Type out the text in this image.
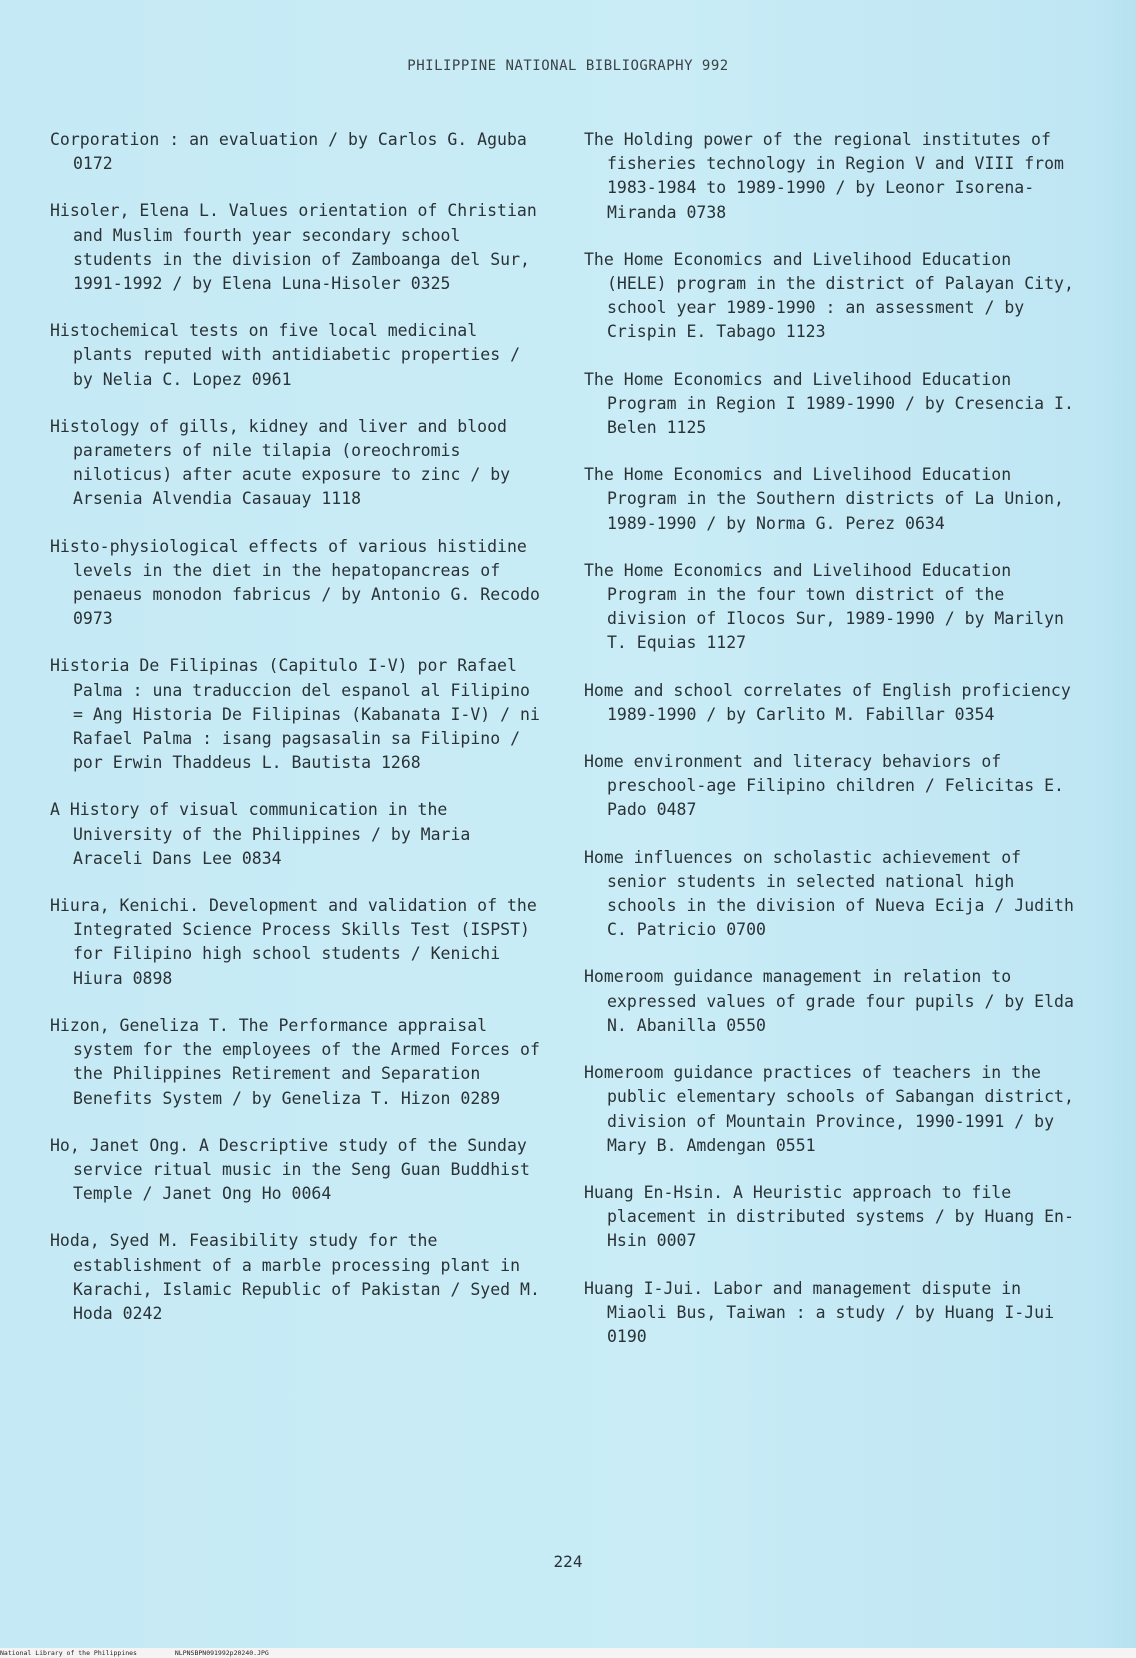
PHILIPPINE NATIONAL BIBLIOGRAPHY 992

Corporation : an evaluation / by Carlos G. Aguba 0172

Hisoler, Elena L. Values orientation of Christian and Muslim fourth year secondary school students in the division of Zamboanga del Sur, 1991-1992 / by Elena Luna-Hisoler 0325

Histochemical tests on five local medicinal plants reputed with antidiabetic properties / by Nelia C. Lopez 0961

Histology of gills, kidney and liver and blood parameters of nile tilapia (oreochromis niloticus) after acute exposure to zinc / by Arsenia Alvendia Casauay 1118

Histo-physiological effects of various histidine levels in the diet in the hepatopancreas of penaeus monodon fabricus / by Antonio G. Recodo 0973

Historia De Filipinas (Capitulo I-V) por Rafael Palma : una traduccion del espanol al Filipino = Ang Historia De Filipinas (Kabanata I-V) / ni Rafael Palma : isang pagsasalin sa Filipino / por Erwin Thaddeus L. Bautista 1268

A History of visual communication in the University of the Philippines / by Maria Araceli Dans Lee 0834

Hiura, Kenichi. Development and validation of the Integrated Science Process Skills Test (ISPST) for Filipino high school students / Kenichi Hiura 0898

Hizon, Geneliza T. The Performance appraisal system for the employees of the Armed Forces of the Philippines Retirement and Separation Benefits System / by Geneliza T. Hizon 0289

Ho, Janet Ong. A Descriptive study of the Sunday service ritual music in the Seng Guan Buddhist Temple / Janet Ong Ho 0064

Hoda, Syed M. Feasibility study for the establishment of a marble processing plant in Karachi, Islamic Republic of Pakistan / Syed M. Hoda 0242

The Holding power of the regional institutes of fisheries technology in Region V and VIII from 1983-1984 to 1989-1990 / by Leonor Isorena-Miranda 0738

The Home Economics and Livelihood Education (HELE) program in the district of Palayan City, school year 1989-1990 : an assessment / by Crispin E. Tabago 1123

The Home Economics and Livelihood Education Program in Region I 1989-1990 / by Cresencia I. Belen 1125

The Home Economics and Livelihood Education Program in the Southern districts of La Union, 1989-1990 / by Norma G. Perez 0634

The Home Economics and Livelihood Education Program in the four town district of the division of Ilocos Sur, 1989-1990 / by Marilyn T. Equias 1127

Home and school correlates of English proficiency 1989-1990 / by Carlito M. Fabillar 0354

Home environment and literacy behaviors of preschool-age Filipino children / Felicitas E. Pado 0487

Home influences on scholastic achievement of senior students in selected national high schools in the division of Nueva Ecija / Judith C. Patricio 0700

Homeroom guidance management in relation to expressed values of grade four pupils / by Elda N. Abanilla 0550

Homeroom guidance practices of teachers in the public elementary schools of Sabangan district, division of Mountain Province, 1990-1991 / by Mary B. Amdengan 0551

Huang En-Hsin. A Heuristic approach to file placement in distributed systems / by Huang En-Hsin 0007

Huang I-Jui. Labor and management dispute in Miaoli Bus, Taiwan : a study / by Huang I-Jui 0190

224
National Library of the Philippines	NLPNSBPN091992p20240.JPG
